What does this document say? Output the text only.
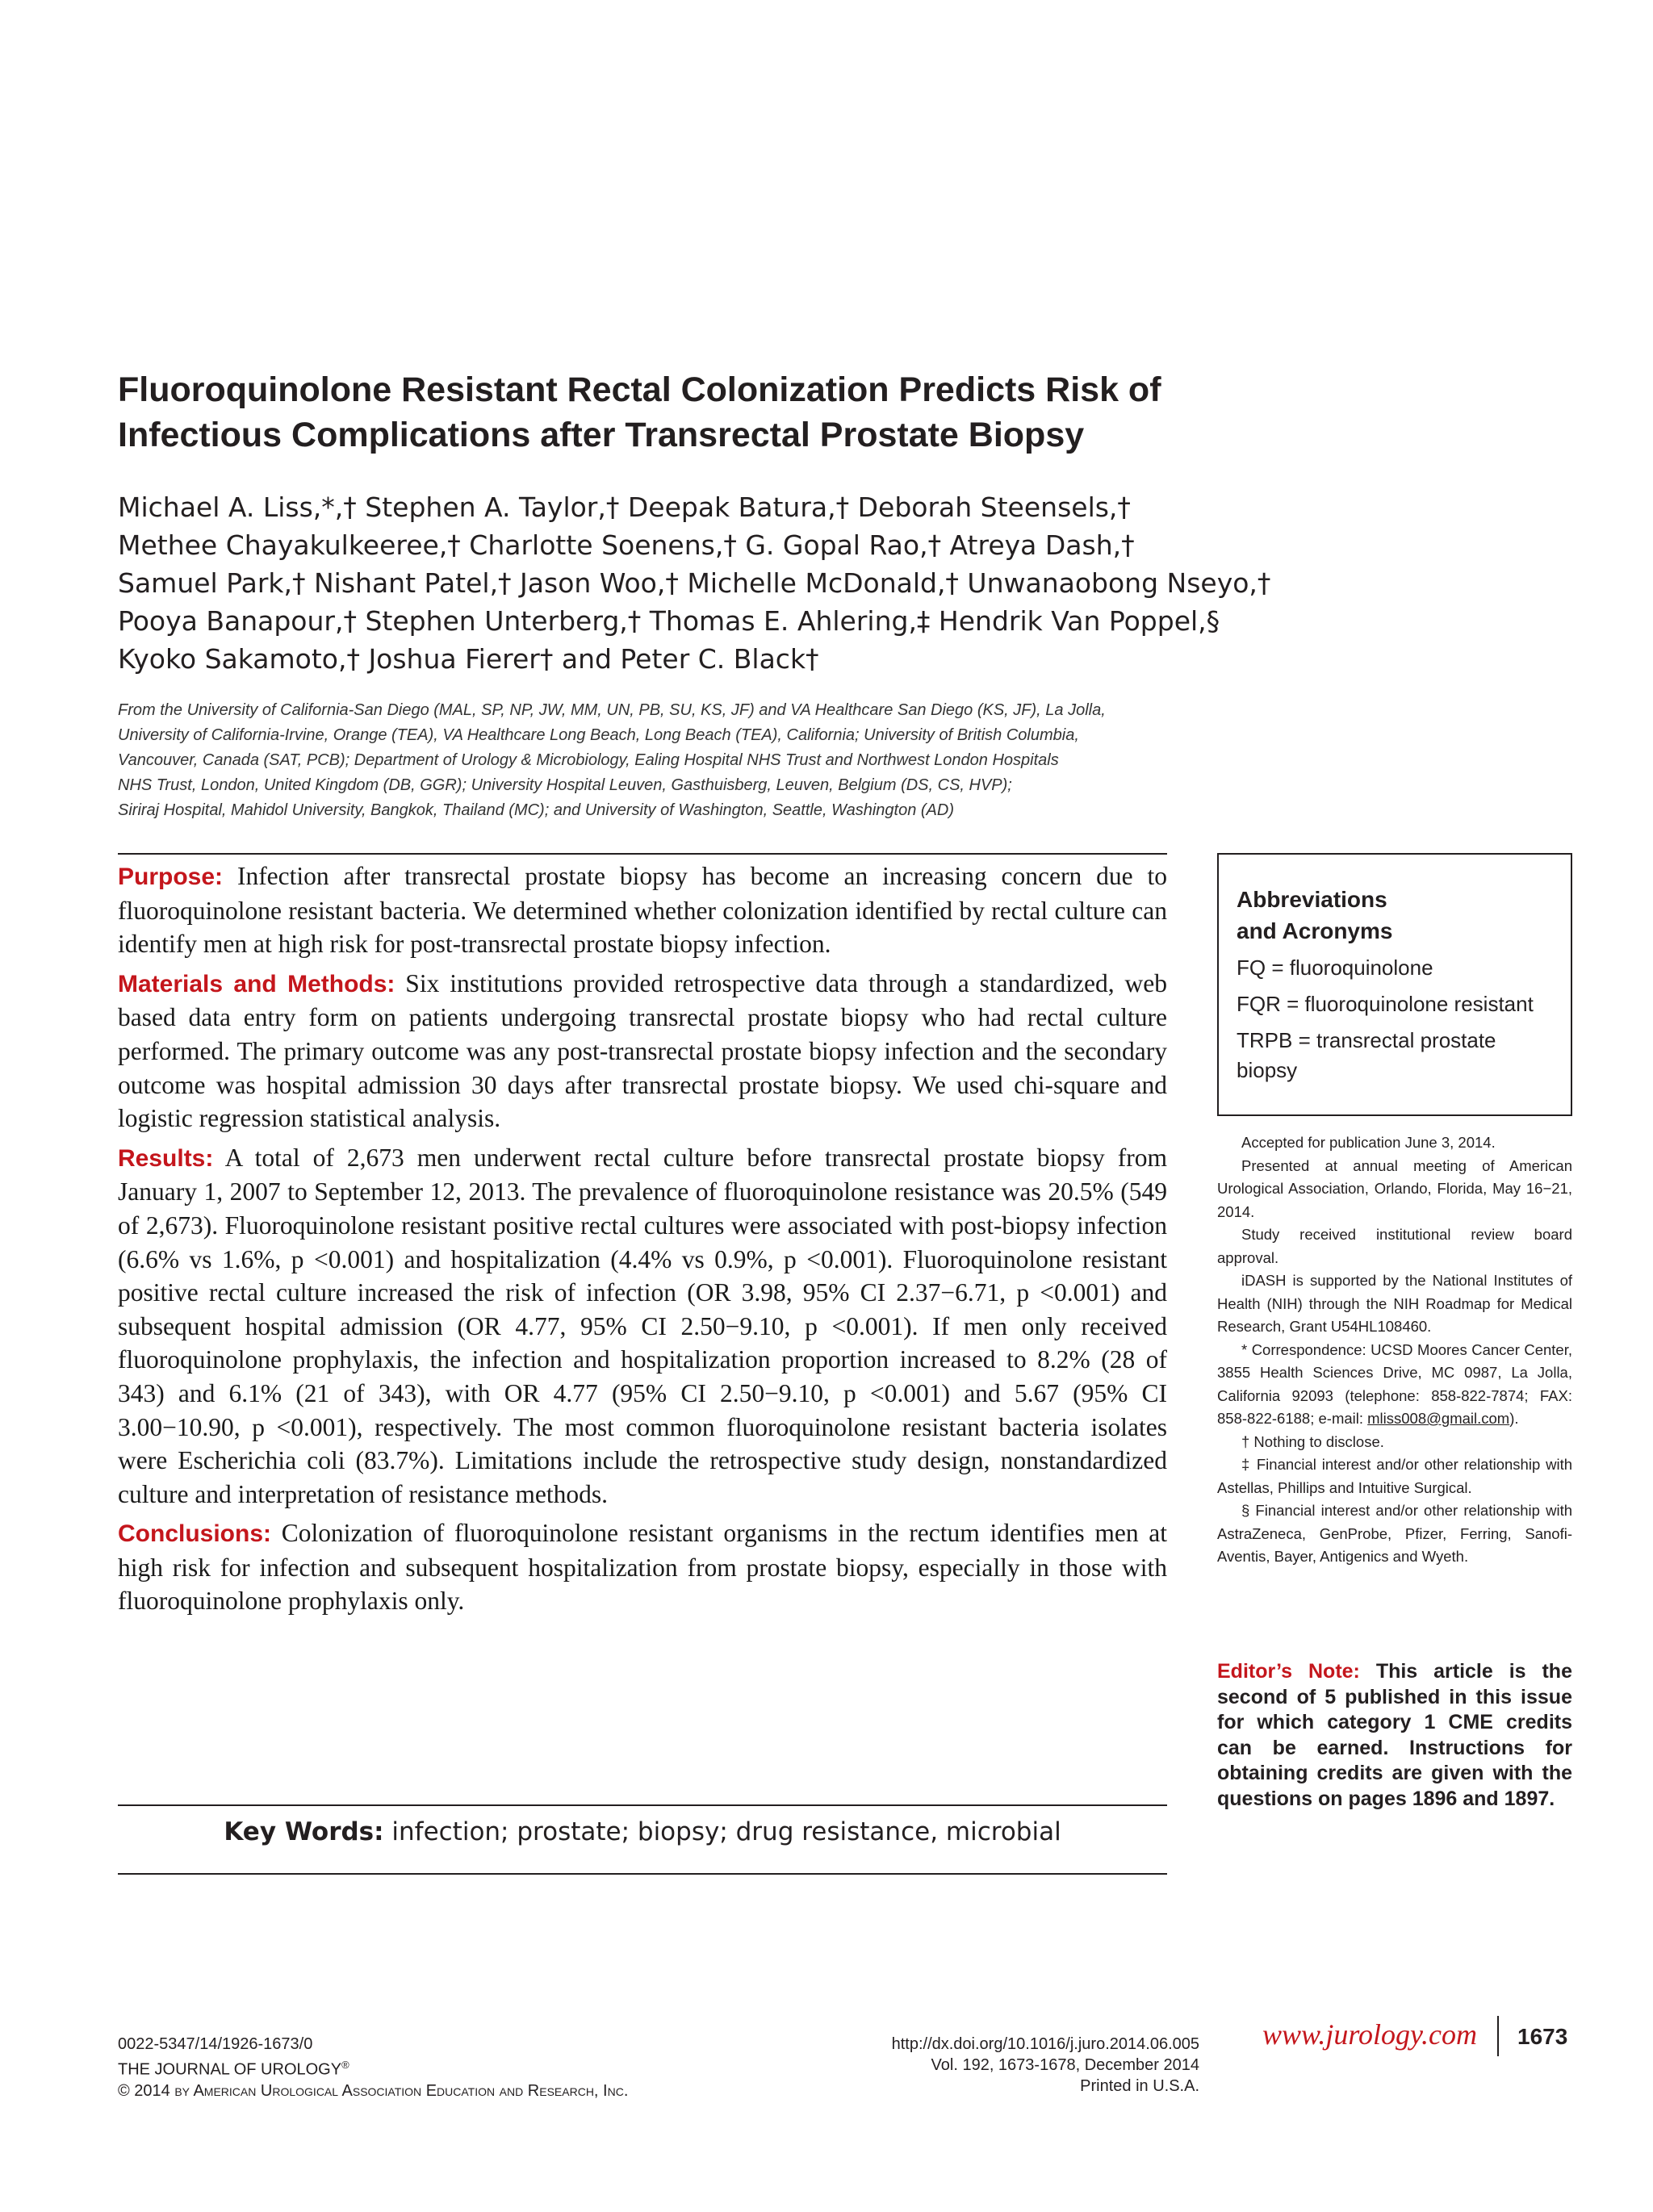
Fluoroquinolone Resistant Rectal Colonization Predicts Risk of
Infectious Complications after Transrectal Prostate Biopsy
Michael A. Liss,*,† Stephen A. Taylor,† Deepak Batura,† Deborah Steensels,†
Methee Chayakulkeeree,† Charlotte Soenens,† G. Gopal Rao,† Atreya Dash,†
Samuel Park,† Nishant Patel,† Jason Woo,† Michelle McDonald,† Unwanaobong Nseyo,†
Pooya Banapour,† Stephen Unterberg,† Thomas E. Ahlering,‡ Hendrik Van Poppel,§
Kyoko Sakamoto,† Joshua Fierer† and Peter C. Black†
From the University of California-San Diego (MAL, SP, NP, JW, MM, UN, PB, SU, KS, JF) and VA Healthcare San Diego (KS, JF), La Jolla,
University of California-Irvine, Orange (TEA), VA Healthcare Long Beach, Long Beach (TEA), California; University of British Columbia,
Vancouver, Canada (SAT, PCB); Department of Urology & Microbiology, Ealing Hospital NHS Trust and Northwest London Hospitals
NHS Trust, London, United Kingdom (DB, GGR); University Hospital Leuven, Gasthuisberg, Leuven, Belgium (DS, CS, HVP);
Siriraj Hospital, Mahidol University, Bangkok, Thailand (MC); and University of Washington, Seattle, Washington (AD)

Purpose: Infection after transrectal prostate biopsy has become an increasing concern due to fluoroquinolone resistant bacteria. We determined whether colonization identified by rectal culture can identify men at high risk for post-transrectal prostate biopsy infection.

Materials and Methods: Six institutions provided retrospective data through a standardized, web based data entry form on patients undergoing transrectal prostate biopsy who had rectal culture performed. The primary outcome was any post-transrectal prostate biopsy infection and the secondary outcome was hospital admission 30 days after transrectal prostate biopsy. We used chi-square and logistic regression statistical analysis.

Results: A total of 2,673 men underwent rectal culture before transrectal prostate biopsy from January 1, 2007 to September 12, 2013. The prevalence of fluoroquinolone resistance was 20.5% (549 of 2,673). Fluoroquinolone resistant positive rectal cultures were associated with post-biopsy infection (6.6% vs 1.6%, p <0.001) and hospitalization (4.4% vs 0.9%, p <0.001). Fluoroquinolone resistant positive rectal culture increased the risk of infection (OR 3.98, 95% CI 2.37−6.71, p <0.001) and subsequent hospital admission (OR 4.77, 95% CI 2.50−9.10, p <0.001). If men only received fluoroquinolone prophylaxis, the infection and hospitalization proportion increased to 8.2% (28 of 343) and 6.1% (21 of 343), with OR 4.77 (95% CI 2.50−9.10, p <0.001) and 5.67 (95% CI 3.00−10.90, p <0.001), respectively. The most common fluoroquinolone resistant bacteria isolates were Escherichia coli (83.7%). Limitations include the retrospective study design, nonstandardized culture and interpretation of resistance methods.

Conclusions: Colonization of fluoroquinolone resistant organisms in the rectum identifies men at high risk for infection and subsequent hospitalization from prostate biopsy, especially in those with fluoroquinolone prophylaxis only.

Key Words: infection; prostate; biopsy; drug resistance, microbial
Abbreviations
and Acronyms
FQ = fluoroquinolone
FQR = fluoroquinolone resistant
TRPB = transrectal prostate biopsy

Accepted for publication June 3, 2014.

Presented at annual meeting of American Urological Association, Orlando, Florida, May 16−21, 2014.

Study received institutional review board approval.

iDASH is supported by the National Institutes of Health (NIH) through the NIH Roadmap for Medical Research, Grant U54HL108460.

* Correspondence: UCSD Moores Cancer Center, 3855 Health Sciences Drive, MC 0987, La Jolla, California 92093 (telephone: 858-822-7874; FAX: 858-822-6188; e-mail: mliss008@gmail.com).

† Nothing to disclose.

‡ Financial interest and/or other relationship with Astellas, Phillips and Intuitive Surgical.

§ Financial interest and/or other relationship with AstraZeneca, GenProbe, Pfizer, Ferring, Sanofi-Aventis, Bayer, Antigenics and Wyeth.

Editor’s Note: This article is the second of 5 published in this issue for which category 1 CME credits can be earned. Instructions for obtaining credits are given with the questions on pages 1896 and 1897.
0022-5347/14/1926-1673/0
THE JOURNAL OF UROLOGY®
© 2014 by American Urological Association Education and Research, Inc.
http://dx.doi.org/10.1016/j.juro.2014.06.005
Vol. 192, 1673-1678, December 2014
Printed in U.S.A.
www.jurology.com 1673
